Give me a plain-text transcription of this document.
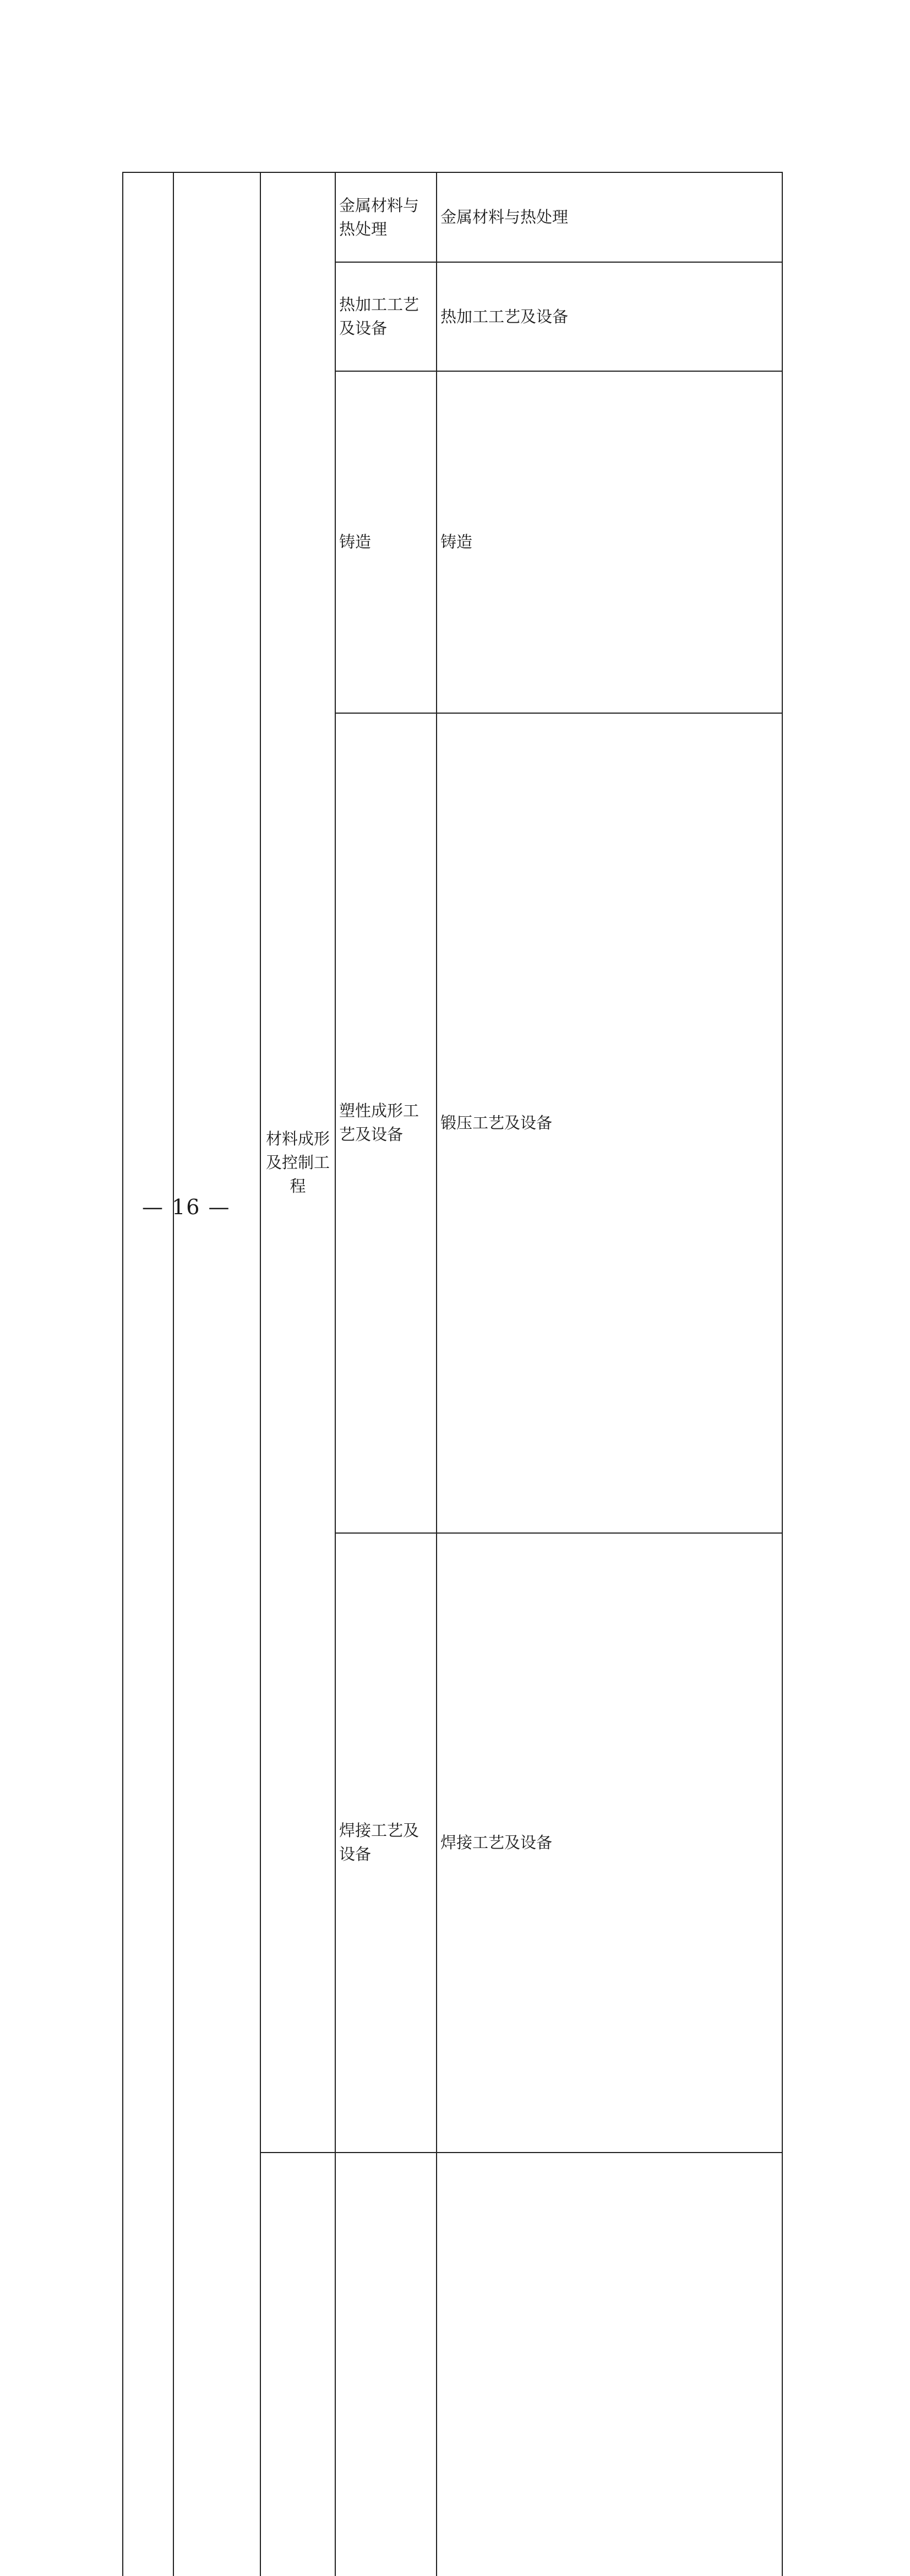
		材料成形及控制工程	金属材料与热处理	金属材料与热处理	
			热加工工艺及设备	热加工工艺及设备	
			铸造	铸造	
			塑性成形工艺及设备	锻压工艺及设备	
			焊接工艺及设备	焊接工艺及设备	

— 16 —
